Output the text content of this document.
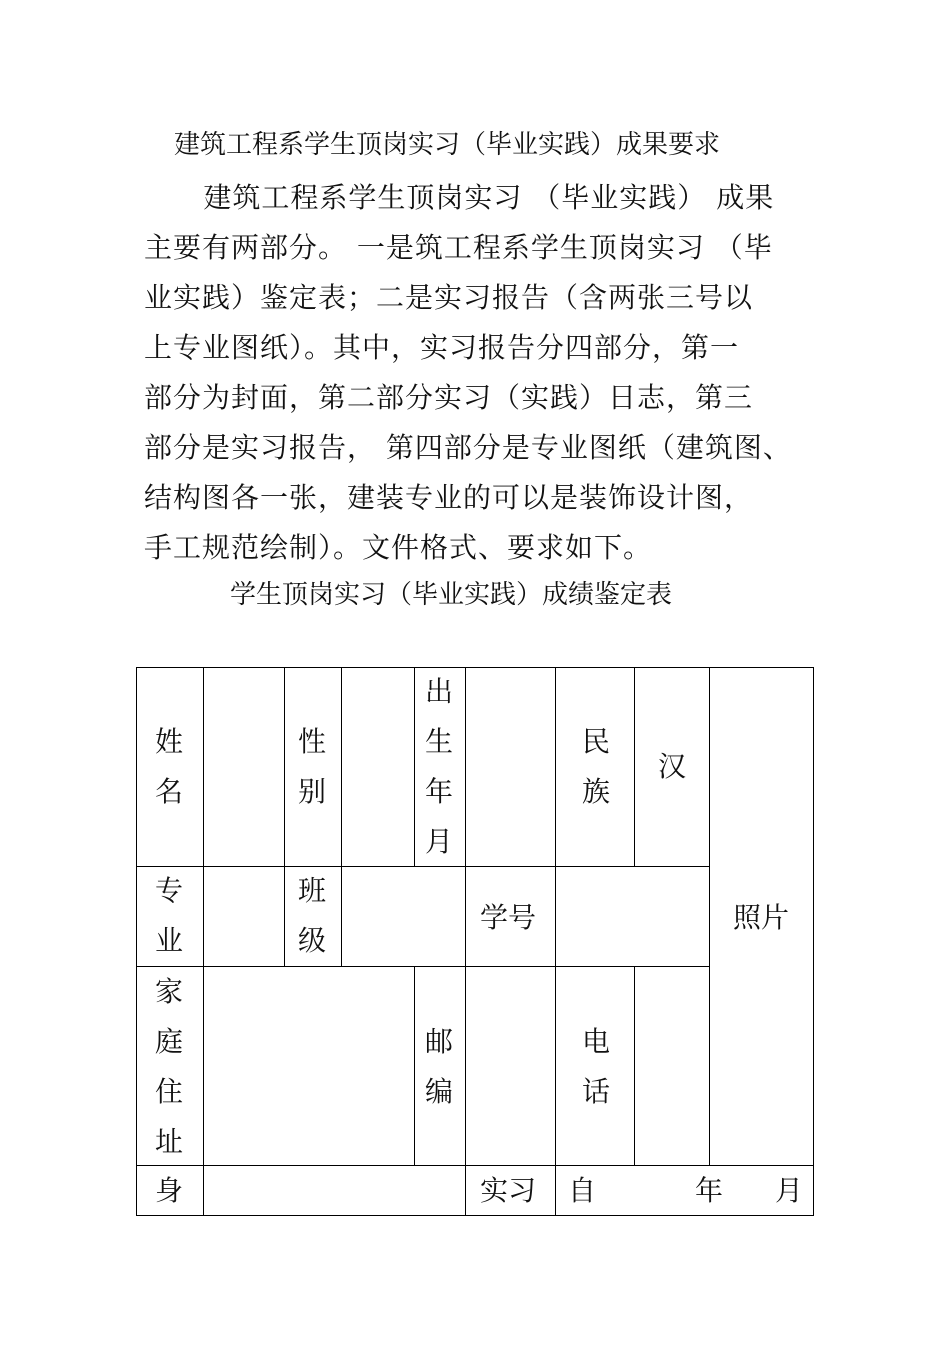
建筑工程系学生顶岗实习（毕业实践）成果要求
建筑工程系学生顶岗实习 （毕业实践） 成果
主要有两部分。 一是筑工程系学生顶岗实习 （毕
业实践）鉴定表；二是实习报告（含两张三号以
上专业图纸）。其中，实习报告分四部分，第一
部分为封面，第二部分实习（实践）日志，第三
部分是实习报告， 第四部分是专业图纸（建筑图、
结构图各一张，建装专业的可以是装饰设计图，
手工规范绘制）。文件格式、要求如下。
学生顶岗实习（毕业实践）成绩鉴定表
姓
名
性
别
出
生
年
月
民
族
汉
照片
专
业
班
级
学号
家
庭
住
址
邮
编
电
话
身	实习 自	年 月
